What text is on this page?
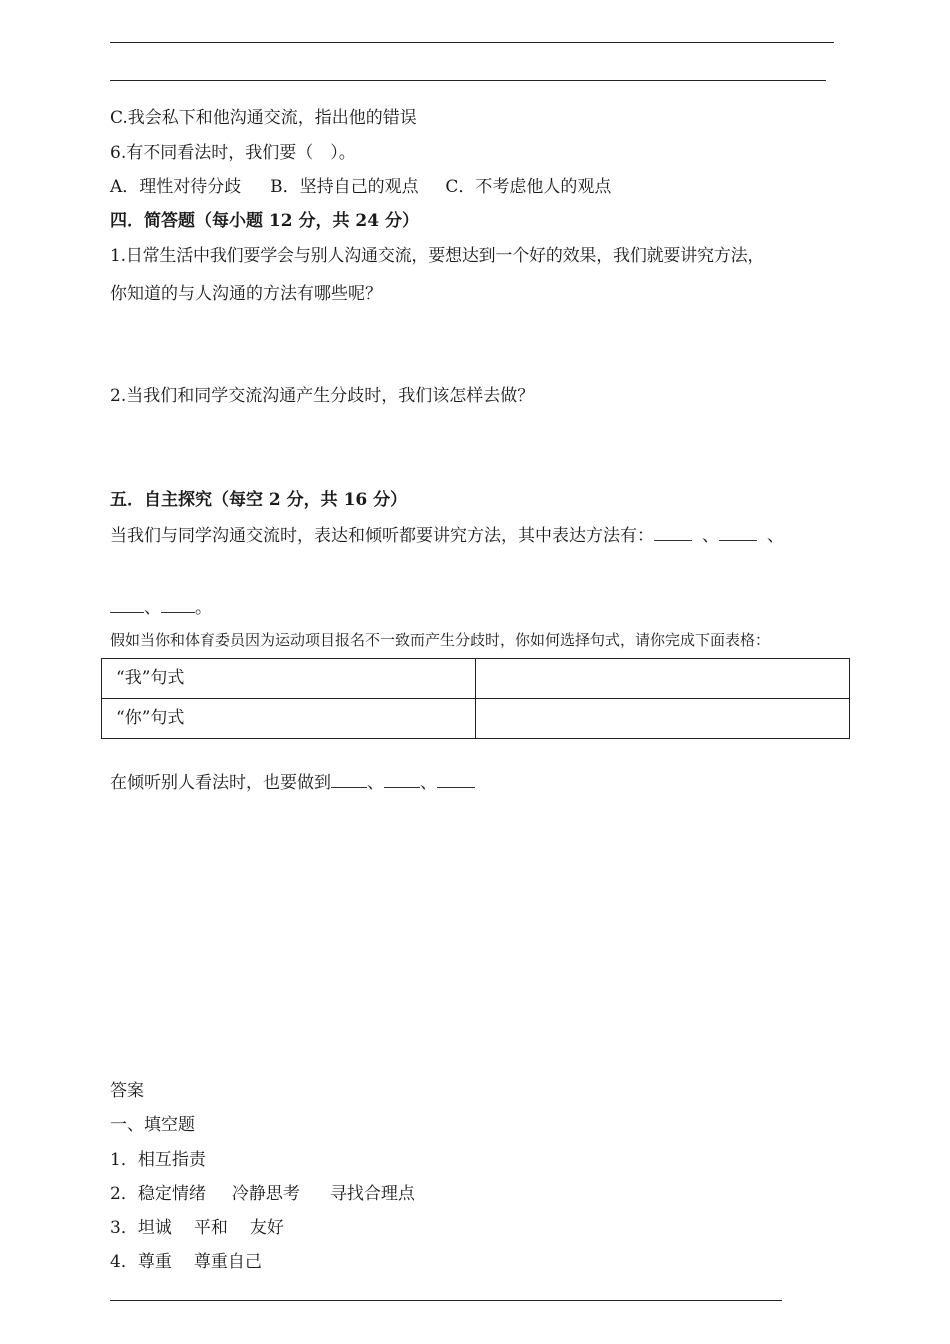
C.我会私下和他沟通交流，指出他的错误
6.有不同看法时，我们要（　）。
A．理性对待分歧 B．坚持自己的观点 C．不考虑他人的观点
四．简答题（每小题 12 分，共 24 分）
1.日常生活中我们要学会与别人沟通交流，要想达到一个好的效果，我们就要讲究方法，
你知道的与人沟通的方法有哪些呢？
2.当我们和同学交流沟通产生分歧时，我们该怎样去做？
五．自主探究（每空 2 分，共 16 分）
当我们与同学沟通交流时，表达和倾听都要讲究方法，其中表达方法有：	、	、
、 。
假如当你和体育委员因为运动项目报名不一致而产生分歧时，你如何选择句式，请你完成下面表格：
“我”句式	
“你”句式	
在倾听别人看法时，也要做到 、 、
答案
一、填空题
1．相互指责
2．稳定情绪 冷静思考 寻找合理点
3．坦诚 平和 友好
4．尊重 尊重自己
